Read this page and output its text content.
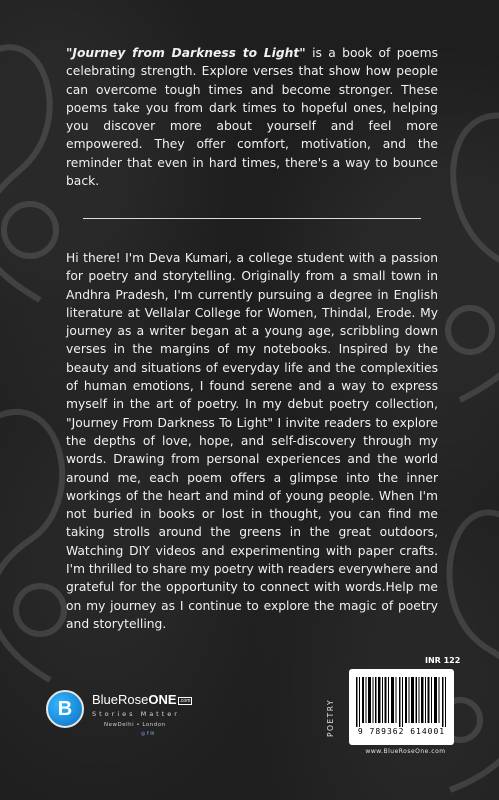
"Journey from Darkness to Light" is a book of poems celebrating strength. Explore verses that show how people can overcome tough times and become stronger. These poems take you from dark times to hopeful ones, helping you discover more about yourself and feel more empowered. They offer comfort, motivation, and the reminder that even in hard times, there's a way to bounce back.
Hi there! I'm Deva Kumari, a college student with a passion for poetry and storytelling. Originally from a small town in Andhra Pradesh, I'm currently pursuing a degree in English literature at Vellalar College for Women, Thindal, Erode. My journey as a writer began at a young age, scribbling down verses in the margins of my notebooks. Inspired by the beauty and situations of everyday life and the complexities of human emotions, I found serene and a way to express myself in the art of poetry. In my debut poetry collection, "Journey From Darkness To Light" I invite readers to explore the depths of love, hope, and self-discovery through my words. Drawing from personal experiences and the world around me, each poem offers a glimpse into the inner workings of the heart and mind of young people. When I'm not buried in books or lost in thought, you can find me taking strolls around the greens in the great outdoors, Watching DIY videos and experimenting with paper crafts. I'm thrilled to share my poetry with readers everywhere and grateful for the opportunity to connect with words.Help me on my journey as I continue to explore the magic of poetry and storytelling.
B	BlueRoseONE .com
Stories Matter
NewDelhi • London
◎ f ✉	POETRY
INR 122
9 789362 614001
www.BlueRoseOne.com
